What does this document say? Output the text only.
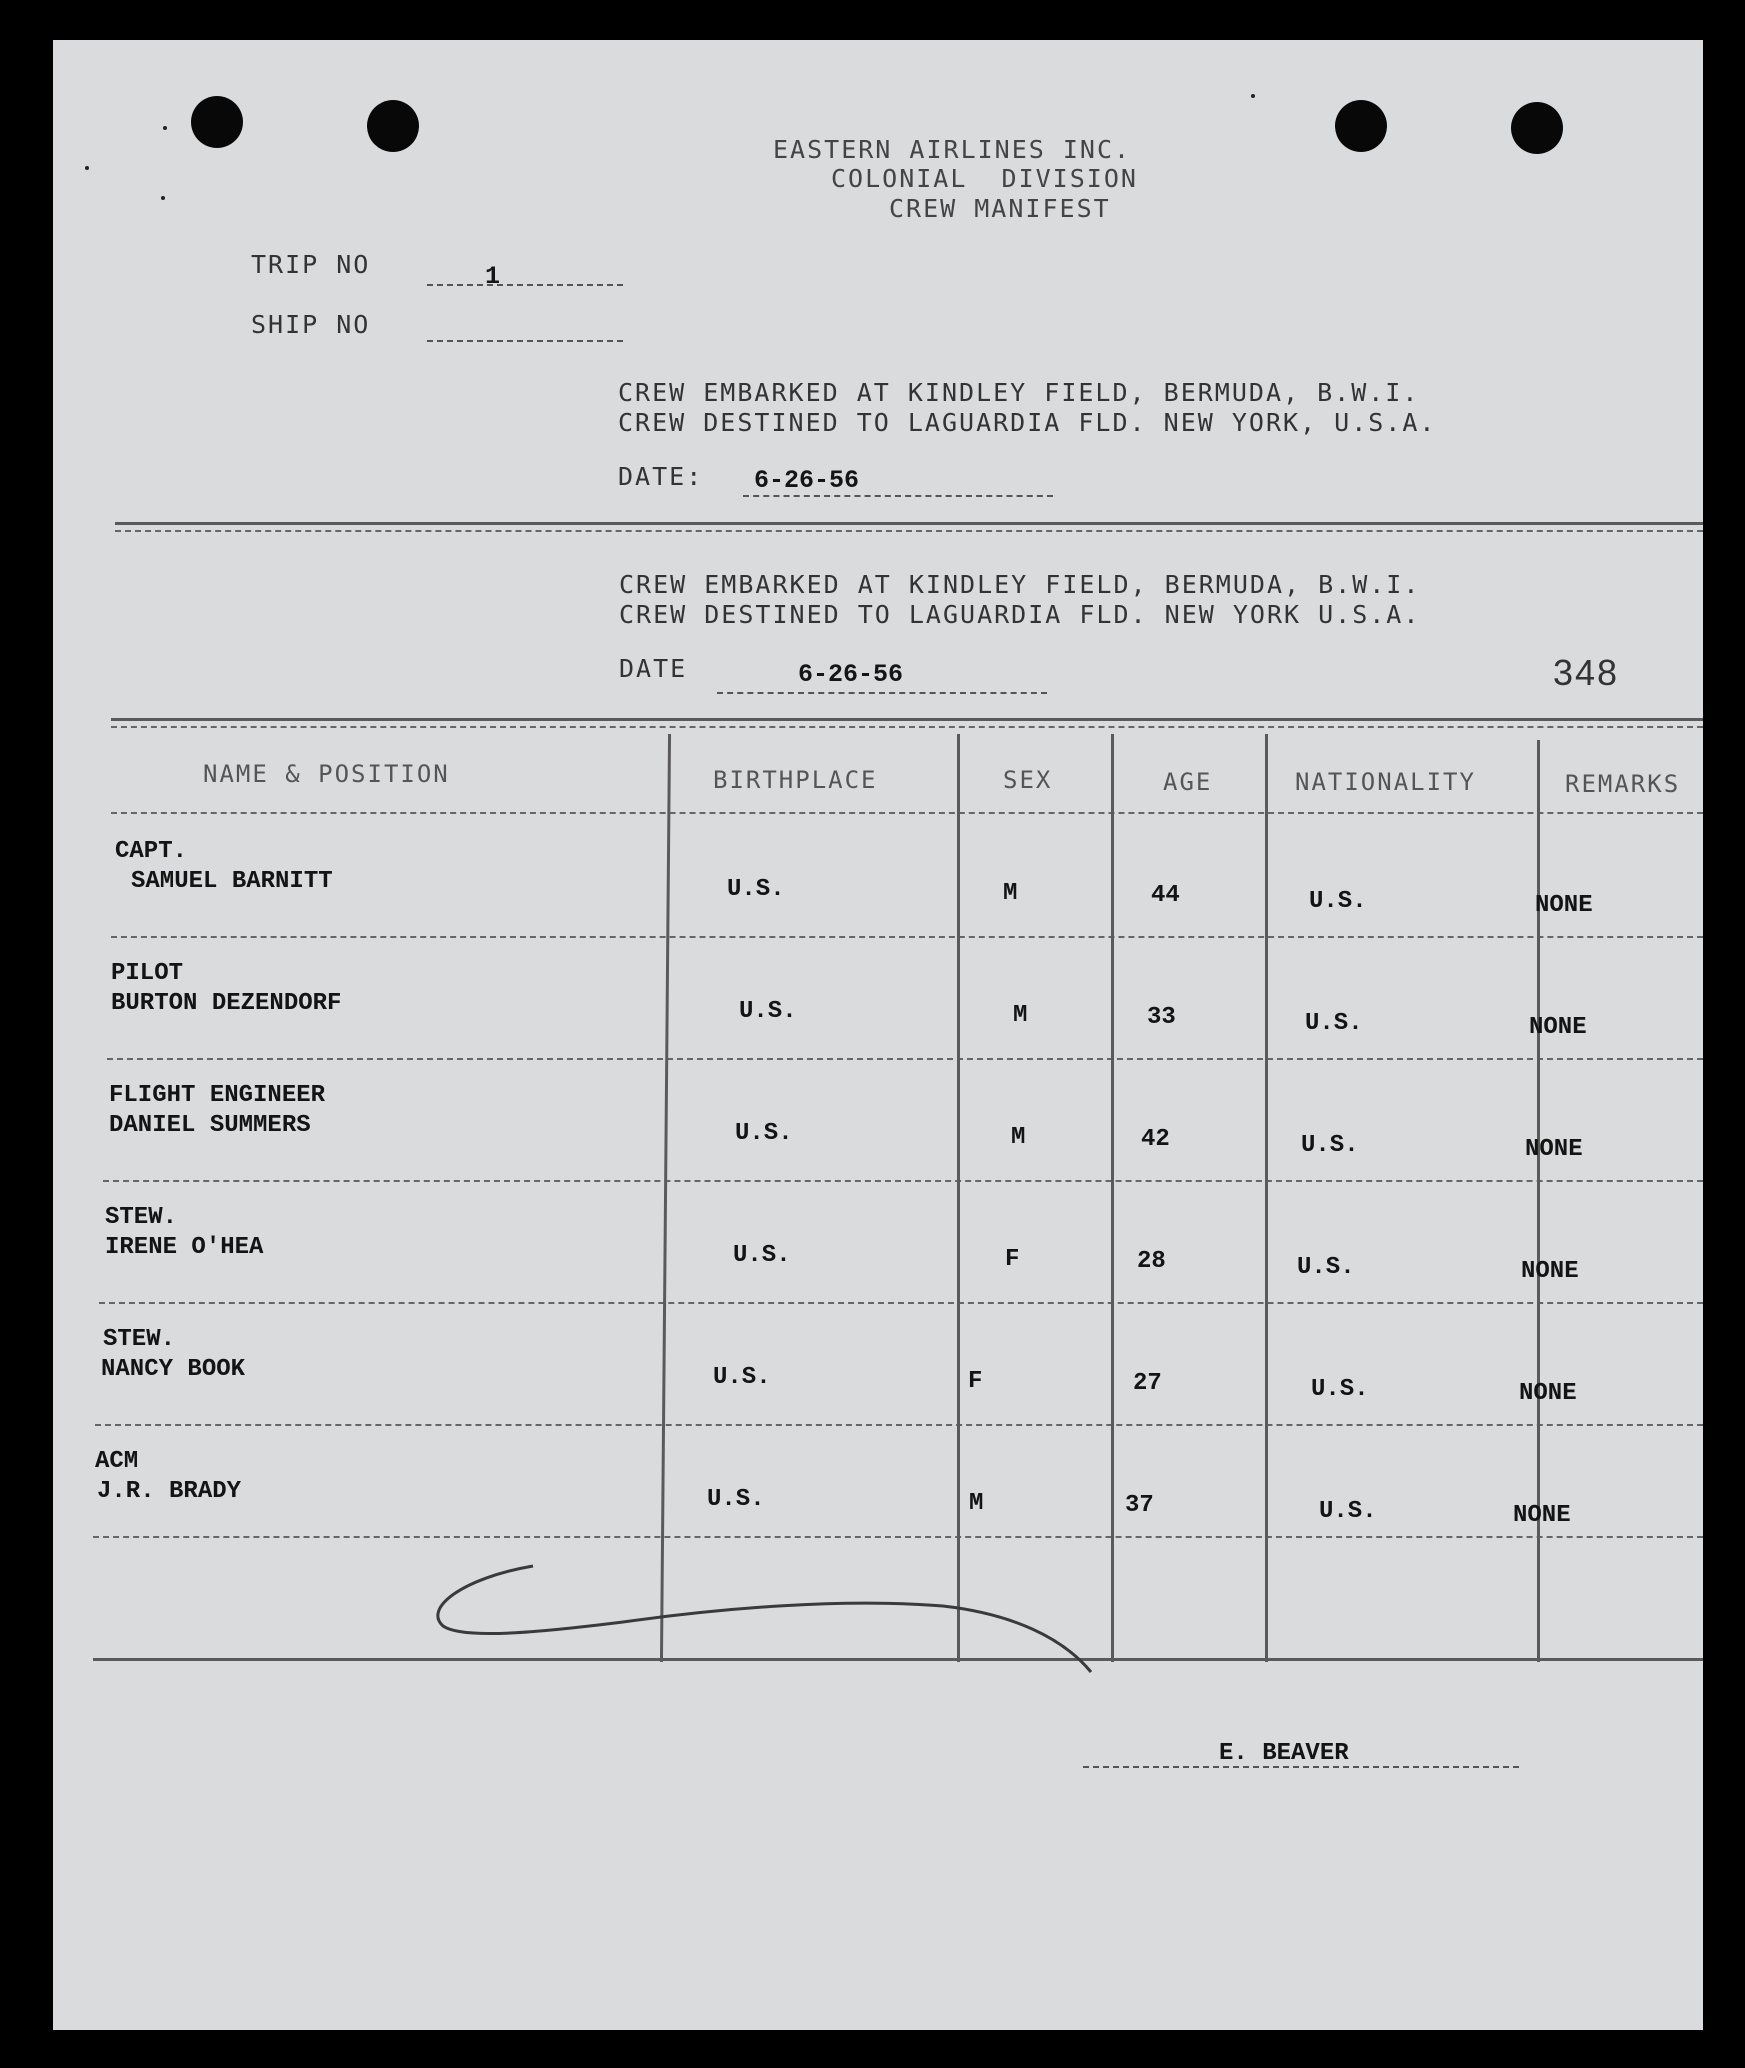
EASTERN AIRLINES INC.
COLONIAL  DIVISION
CREW MANIFEST
TRIP NO	1
SHIP NO
CREW EMBARKED AT KINDLEY FIELD, BERMUDA, B.W.I.
CREW DESTINED TO LAGUARDIA FLD. NEW YORK, U.S.A.
DATE: 6-26-56
CREW EMBARKED AT KINDLEY FIELD, BERMUDA, B.W.I.
CREW DESTINED TO LAGUARDIA FLD. NEW YORK U.S.A.
DATE	6-26-56	348
NAME & POSITION	BIRTHPLACE	SEX	AGE	NATIONALITY	REMARKS
CAPT.
SAMUEL BARNITT	U.S.	M	44	U.S.	NONE
PILOT
BURTON DEZENDORF	U.S.	M	33	U.S.	NONE
FLIGHT ENGINEER
DANIEL SUMMERS	U.S.	M	42	U.S.	NONE
STEW.
IRENE O'HEA	U.S.	F	28	U.S.	NONE
STEW.
NANCY BOOK	U.S.	F	27	U.S.	NONE
ACM
J.R. BRADY	U.S.	M	37	U.S.	NONE
E. BEAVER
